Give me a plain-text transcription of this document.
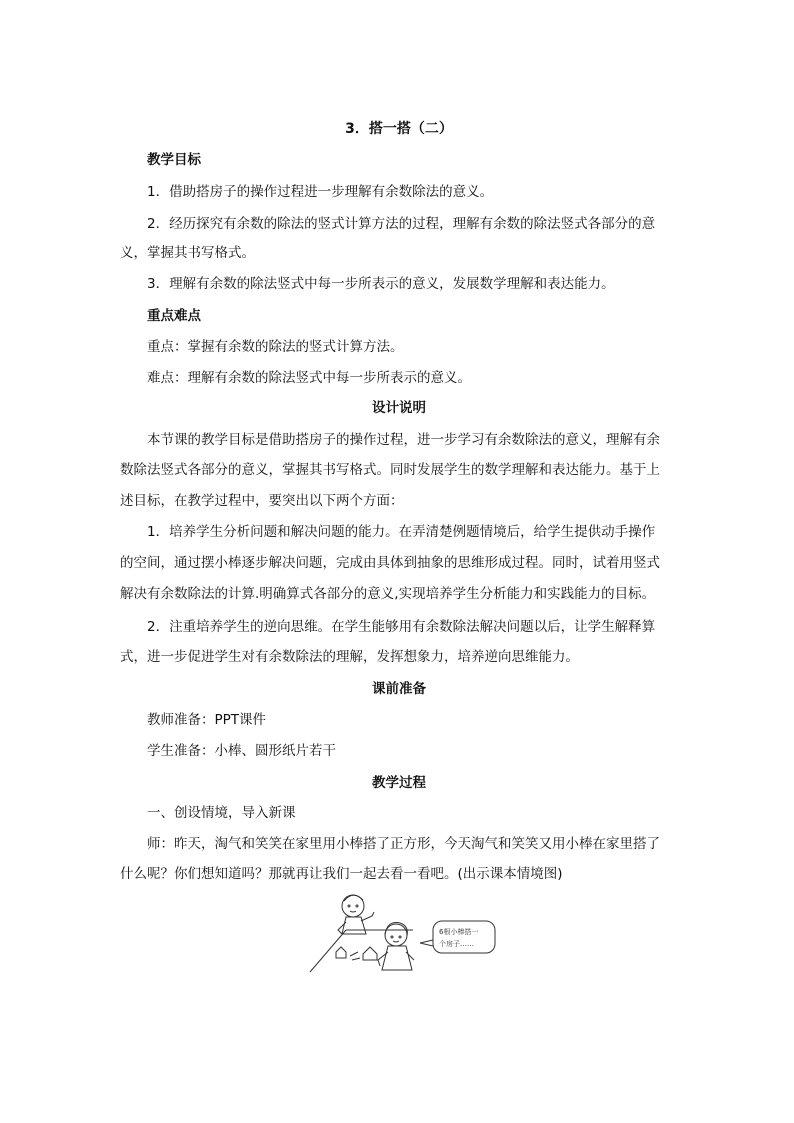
3．搭一搭（二）

教学目标

1．借助搭房子的操作过程进一步理解有余数除法的意义。

2．经历探究有余数的除法的竖式计算方法的过程，理解有余数的除法竖式各部分的意

义，掌握其书写格式。

3．理解有余数的除法竖式中每一步所表示的意义，发展数学理解和表达能力。

重点难点

重点：掌握有余数的除法的竖式计算方法。

难点：理解有余数的除法竖式中每一步所表示的意义。

设计说明

本节课的教学目标是借助搭房子的操作过程，进一步学习有余数除法的意义，理解有余

数除法竖式各部分的意义，掌握其书写格式。同时发展学生的数学理解和表达能力。基于上

述目标，在教学过程中，要突出以下两个方面：

1．培养学生分析问题和解决问题的能力。在弄清楚例题情境后，给学生提供动手操作

的空间，通过摆小棒逐步解决问题，完成由具体到抽象的思维形成过程。同时，试着用竖式

解决有余数除法的计算.明确算式各部分的意义,实现培养学生分析能力和实践能力的目标。

2．注重培养学生的逆向思维。在学生能够用有余数除法解决问题以后，让学生解释算

式，进一步促进学生对有余数除法的理解，发挥想象力，培养逆向思维能力。

课前准备

教师准备：PPT课件

学生准备：小棒、圆形纸片若干

教学过程

一、创设情境，导入新课

师：昨天，淘气和笑笑在家里用小棒搭了正方形，今天淘气和笑笑又用小棒在家里搭了

什么呢？你们想知道吗？那就再让我们一起去看一看吧。(出示课本情境图)

6根小棒搭一
个房子……
